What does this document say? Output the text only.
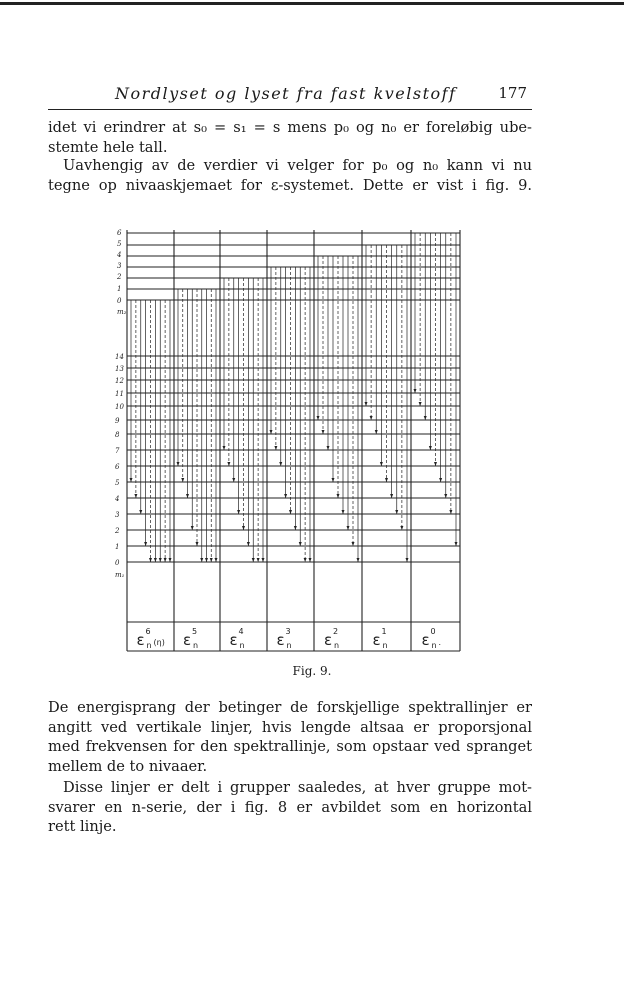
Nordlyset og lyset fra fast kvelstoff	177
idet vi erindrer at s₀ = s₁ = s mens p₀ og n₀ er foreløbig ube-
stemte hele tall.
Uavhengig av de verdier vi velger for p₀ og n₀ kann vi nu
tegne op nivaaskjemaet for ε-systemet. Dette er vist i fig. 9.
6
5
4
3
2
1
0
m₂
14
13
12
11
10
9
8
7
6
5
4
3
2
1
0
m₁
ε 6
n (η) ε 5
n ε 4
n ε 3
n ε 2
n ε 1
n ε 0
n .
Fig. 9.
De energisprang der betinger de forskjellige spektrallinjer er
angitt ved vertikale linjer, hvis lengde altsaa er proporsjonal
med frekvensen for den spektrallinje, som opstaar ved spranget
mellem de to nivaaer.
Disse linjer er delt i grupper saaledes, at hver gruppe mot-
svarer en n-serie, der i fig. 8 er avbildet som en horizontal
rett linje.
